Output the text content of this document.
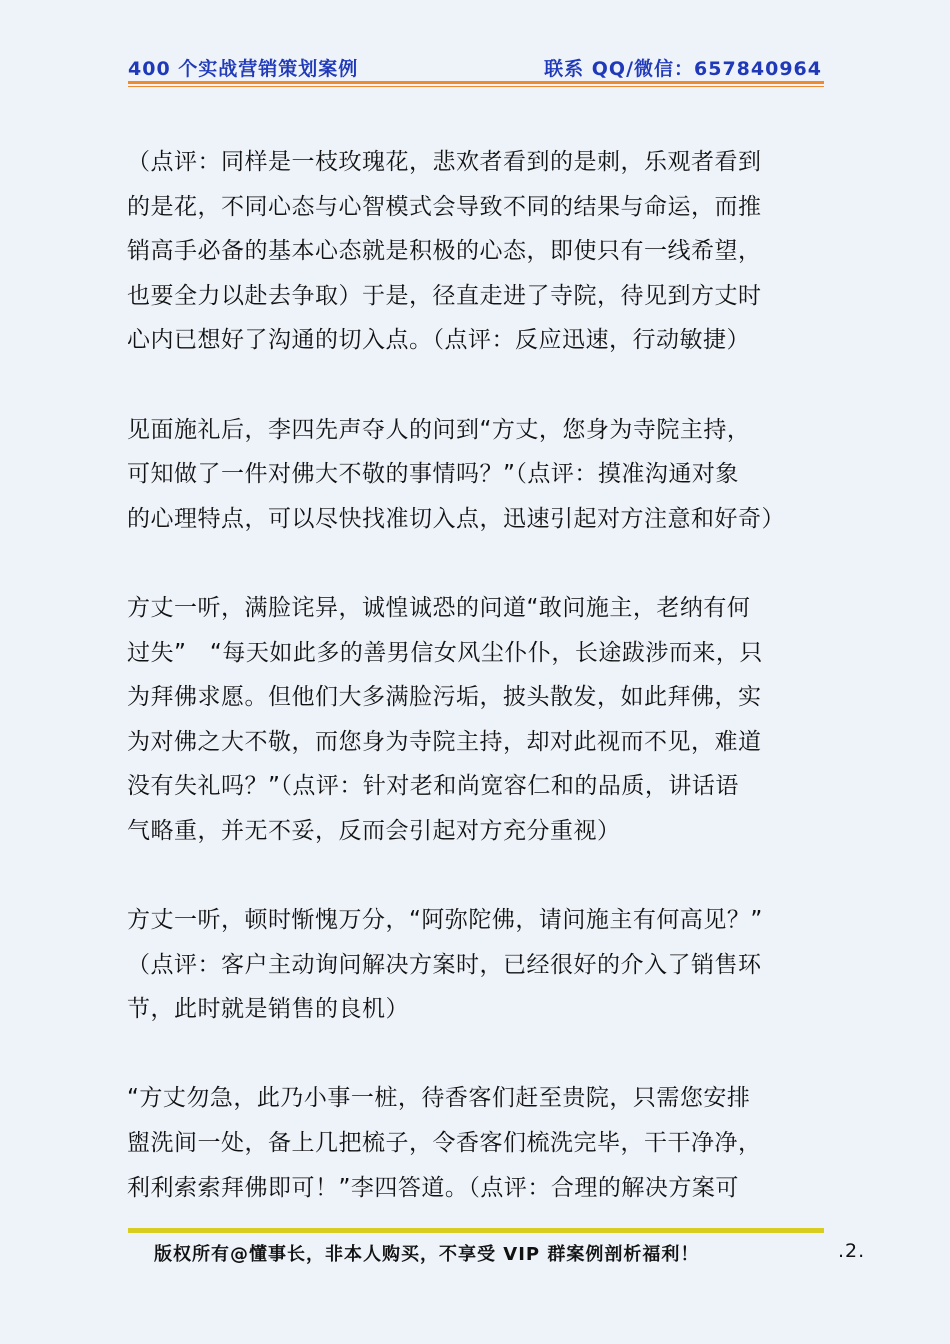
400 个实战营销策划案例	联系 QQ/微信：657840964
（点评：同样是一枝玫瑰花，悲欢者看到的是刺，乐观者看到
的是花，不同心态与心智模式会导致不同的结果与命运，而推
销高手必备的基本心态就是积极的心态，即使只有一线希望，
也要全力以赴去争取）于是，径直走进了寺院，待见到方丈时
心内已想好了沟通的切入点。（点评：反应迅速，行动敏捷）
见面施礼后，李四先声夺人的问到“方丈，您身为寺院主持，
可知做了一件对佛大不敬的事情吗？”（点评：摸准沟通对象
的心理特点，可以尽快找准切入点，迅速引起对方注意和好奇）
方丈一听，满脸诧异，诚惶诚恐的问道“敢问施主，老纳有何
过失”　“每天如此多的善男信女风尘仆仆，长途跋涉而来，只
为拜佛求愿。但他们大多满脸污垢，披头散发，如此拜佛，实
为对佛之大不敬，而您身为寺院主持，却对此视而不见，难道
没有失礼吗？”（点评：针对老和尚宽容仁和的品质，讲话语
气略重，并无不妥，反而会引起对方充分重视）
方丈一听，顿时惭愧万分，“阿弥陀佛，请问施主有何高见？”
（点评：客户主动询问解决方案时，已经很好的介入了销售环
节，此时就是销售的良机）
“方丈勿急，此乃小事一桩，待香客们赶至贵院，只需您安排
盥洗间一处，备上几把梳子，令香客们梳洗完毕，干干净净，
利利索索拜佛即可！”李四答道。（点评：合理的解决方案可
版权所有@懂事长，非本人购买，不享受 VIP 群案例剖析福利！	.2.
